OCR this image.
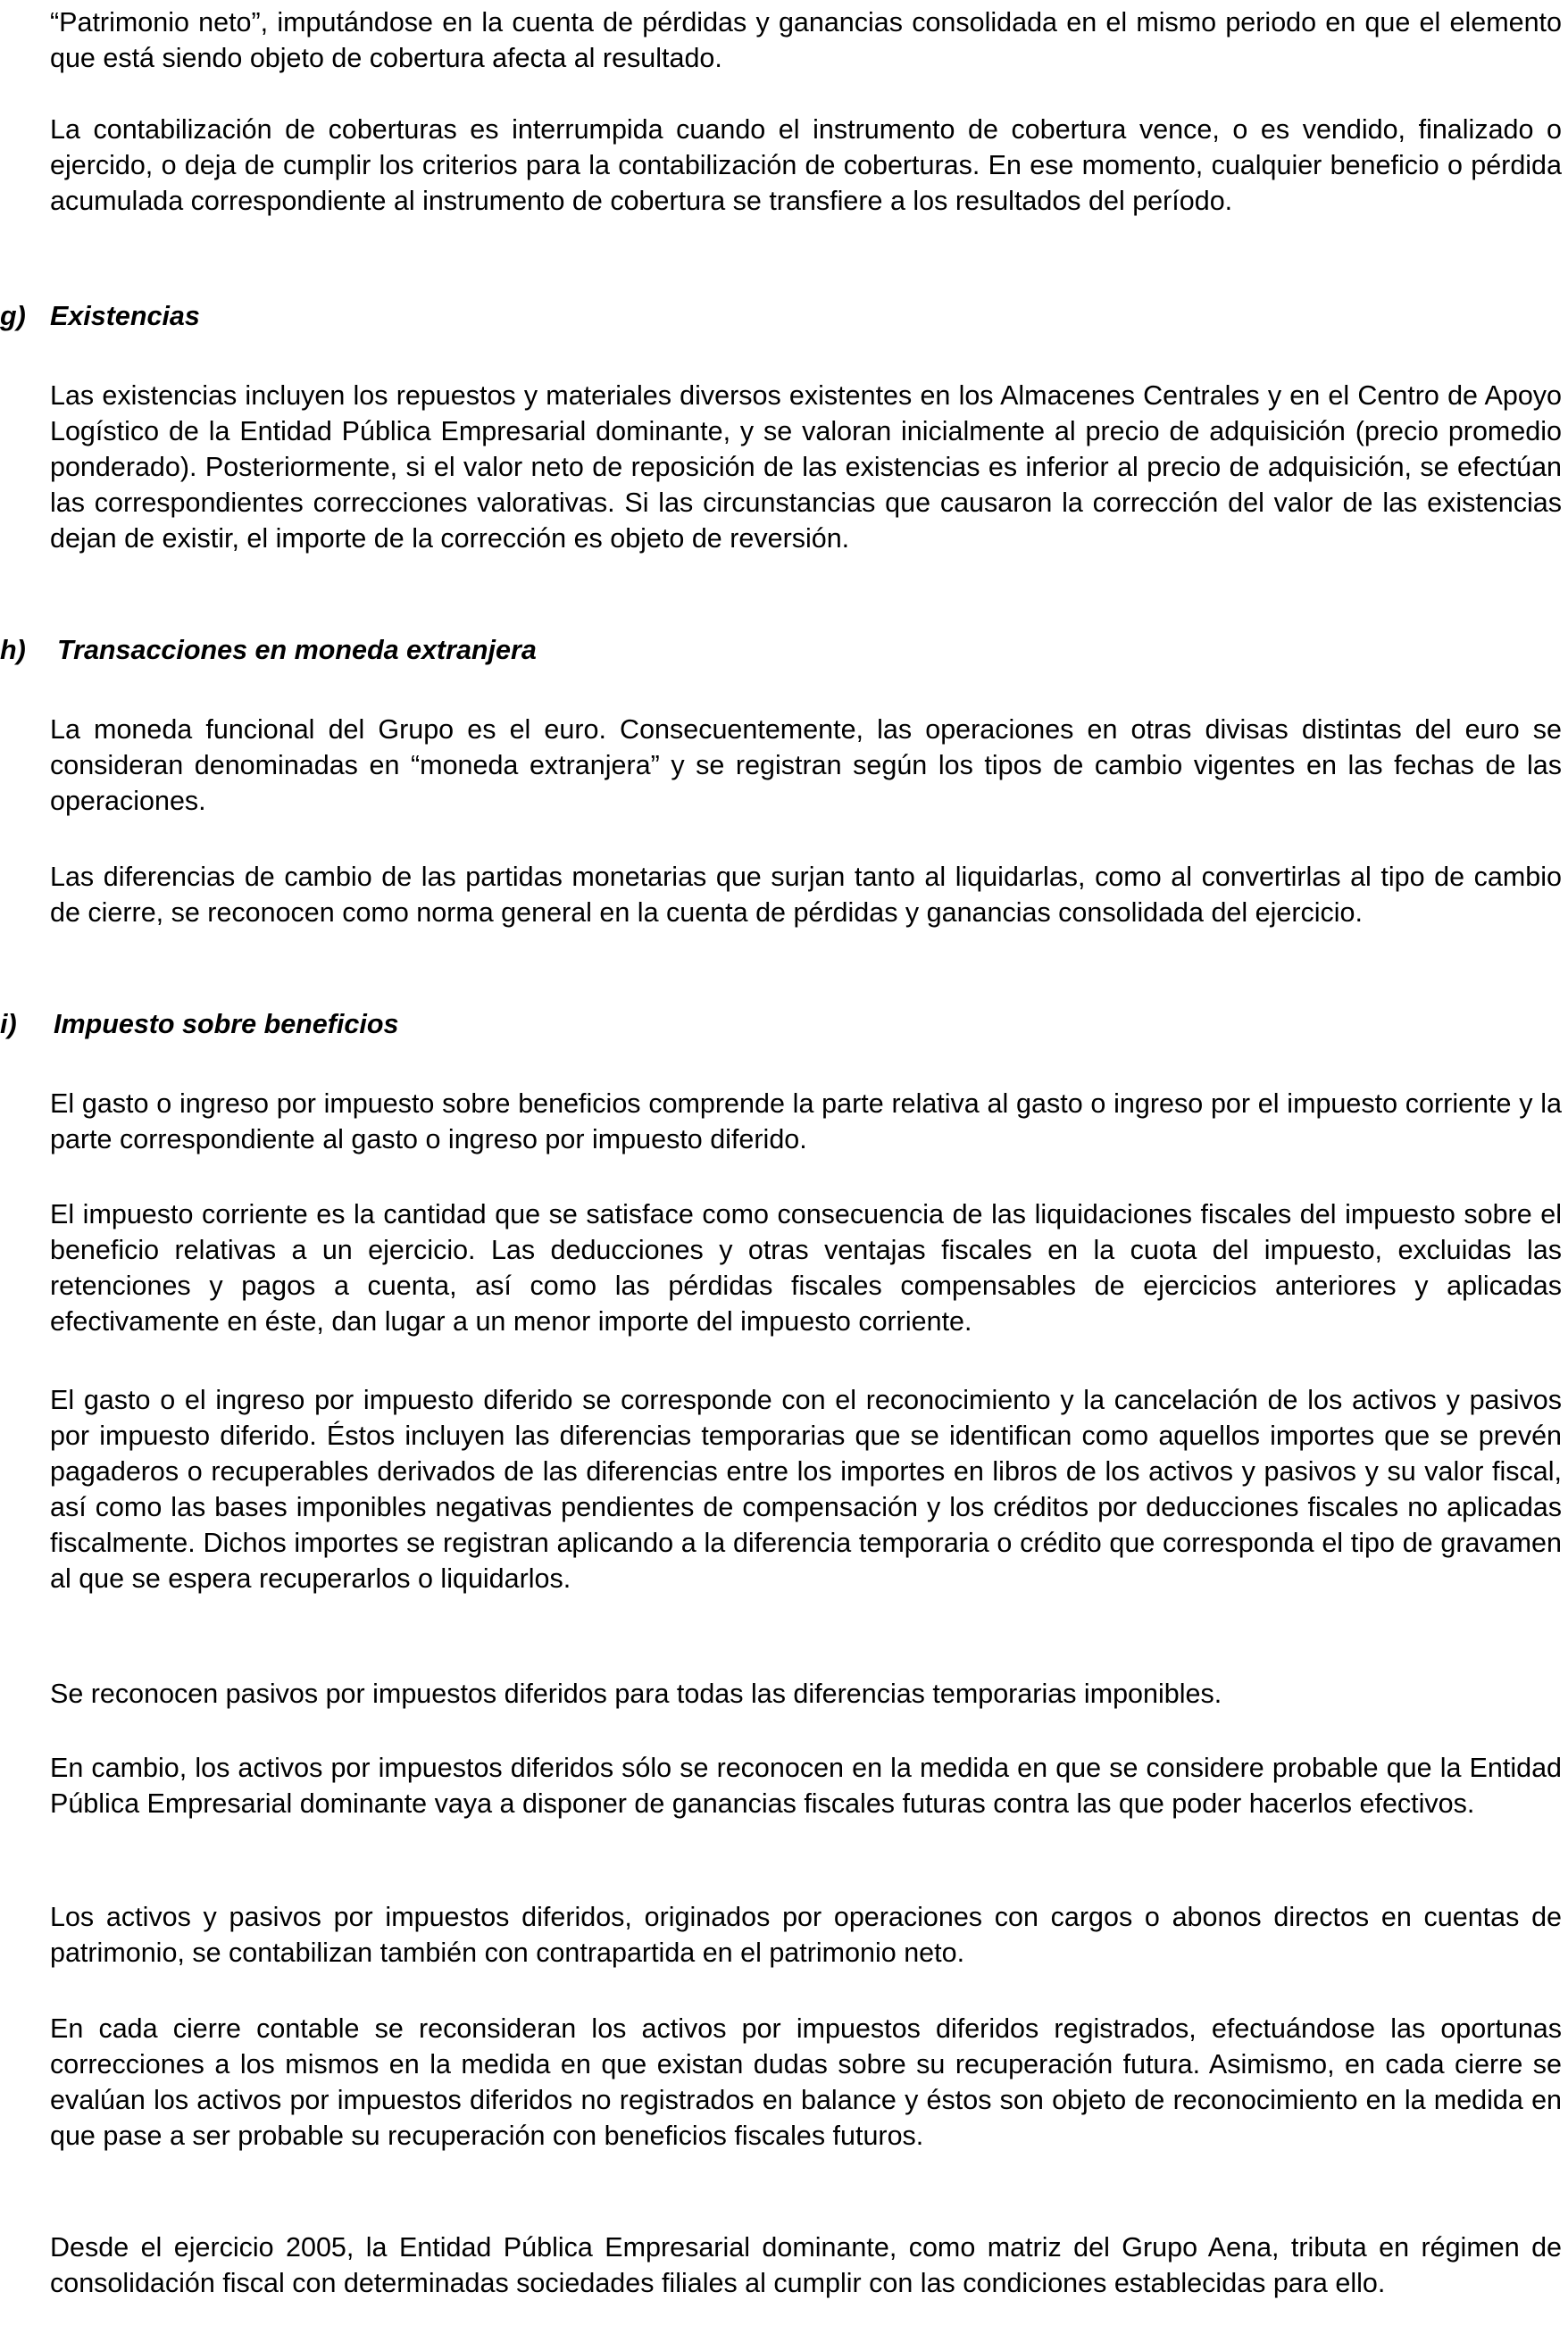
“Patrimonio neto”, imputándose en la cuenta de pérdidas y ganancias consolidada en el mismo periodo en que el elemento que está siendo objeto de cobertura afecta al resultado.

La contabilización de coberturas es interrumpida cuando el instrumento de cobertura vence, o es vendido, finalizado o ejercido, o deja de cumplir los criterios para la contabilización de coberturas. En ese momento, cualquier beneficio o pérdida acumulada correspondiente al instrumento de cobertura se transfiere a los resultados del período.

g) Existencias

Las existencias incluyen los repuestos y materiales diversos existentes en los Almacenes Centrales y en el Centro de Apoyo Logístico de la Entidad Pública Empresarial dominante, y se valoran inicialmente al precio de adquisición (precio promedio ponderado). Posteriormente, si el valor neto de reposición de las existencias es inferior al precio de adquisición, se efectúan las correspondientes correcciones valorativas. Si las circunstancias que causaron la corrección del valor de las existencias dejan de existir, el importe de la corrección es objeto de reversión.

h) Transacciones en moneda extranjera

La moneda funcional del Grupo es el euro. Consecuentemente, las operaciones en otras divisas distintas del euro se consideran denominadas en “moneda extranjera” y se registran según los tipos de cambio vigentes en las fechas de las operaciones.

Las diferencias de cambio de las partidas monetarias que surjan tanto al liquidarlas, como al convertirlas al tipo de cambio de cierre, se reconocen como norma general en la cuenta de pérdidas y ganancias consolidada del ejercicio.

i) Impuesto sobre beneficios

El gasto o ingreso por impuesto sobre beneficios comprende la parte relativa al gasto o ingreso por el impuesto corriente y la parte correspondiente al gasto o ingreso por impuesto diferido.

El impuesto corriente es la cantidad que se satisface como consecuencia de las liquidaciones fiscales del impuesto sobre el beneficio relativas a un ejercicio. Las deducciones y otras ventajas fiscales en la cuota del impuesto, excluidas las retenciones y pagos a cuenta, así como las pérdidas fiscales compensables de ejercicios anteriores y aplicadas efectivamente en éste, dan lugar a un menor importe del impuesto corriente.

El gasto o el ingreso por impuesto diferido se corresponde con el reconocimiento y la cancelación de los activos y pasivos por impuesto diferido. Éstos incluyen las diferencias temporarias que se identifican como aquellos importes que se prevén pagaderos o recuperables derivados de las diferencias entre los importes en libros de los activos y pasivos y su valor fiscal, así como las bases imponibles negativas pendientes de compensación y los créditos por deducciones fiscales no aplicadas fiscalmente. Dichos importes se registran aplicando a la diferencia temporaria o crédito que corresponda el tipo de gravamen al que se espera recuperarlos o liquidarlos.

Se reconocen pasivos por impuestos diferidos para todas las diferencias temporarias imponibles.

En cambio, los activos por impuestos diferidos sólo se reconocen en la medida en que se considere probable que la Entidad Pública Empresarial dominante vaya a disponer de ganancias fiscales futuras contra las que poder hacerlos efectivos.

Los activos y pasivos por impuestos diferidos, originados por operaciones con cargos o abonos directos en cuentas de patrimonio, se contabilizan también con contrapartida en el patrimonio neto.

En cada cierre contable se reconsideran los activos por impuestos diferidos registrados, efectuándose las oportunas correcciones a los mismos en la medida en que existan dudas sobre su recuperación futura. Asimismo, en cada cierre se evalúan los activos por impuestos diferidos no registrados en balance y éstos son objeto de reconocimiento en la medida en que pase a ser probable su recuperación con beneficios fiscales futuros.

Desde el ejercicio 2005, la Entidad Pública Empresarial dominante, como matriz del Grupo Aena, tributa en régimen de consolidación fiscal con determinadas sociedades filiales al cumplir con las condiciones establecidas para ello.
